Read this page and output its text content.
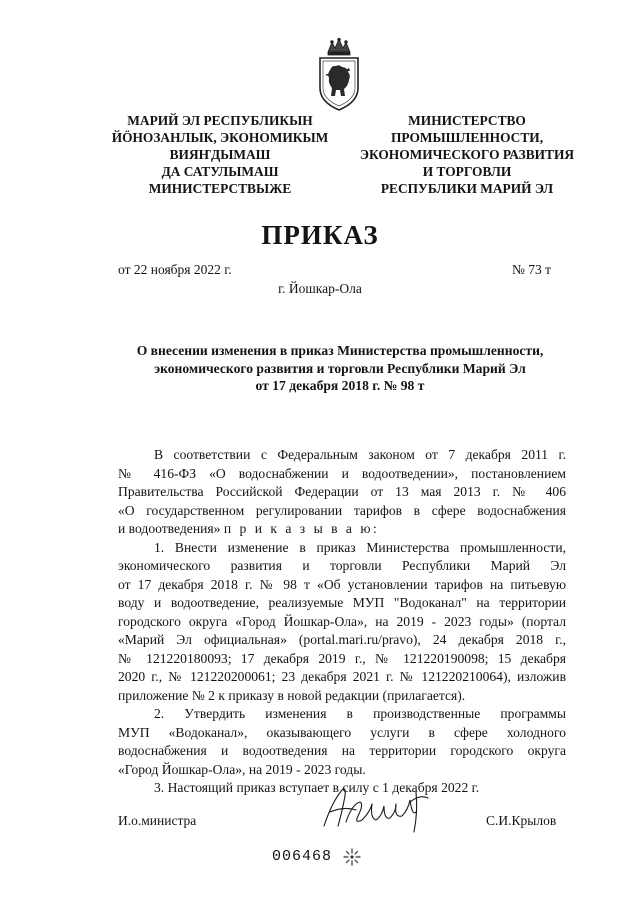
МАРИЙ ЭЛ РЕСПУБЛИКЫН
ЙӦНОЗАНЛЫК, ЭКОНОМИКЫМ
ВИЯҤДЫМАШ
ДА САТУЛЫМАШ
МИНИСТЕРСТВЫЖЕ
МИНИСТЕРСТВО
ПРОМЫШЛЕННОСТИ,
ЭКОНОМИЧЕСКОГО РАЗВИТИЯ
И ТОРГОВЛИ
РЕСПУБЛИКИ МАРИЙ ЭЛ
ПРИКАЗ
от 22 ноября 2022 г.	№ 73 т
г. Йошкар-Ола
О внесении изменения в приказ Министерства промышленности,
экономического развития и торговли Республики Марий Эл
от 17 декабря 2018 г. № 98 т
В соответствии с Федеральным законом от 7 декабря 2011 г.
№ 416-ФЗ «О водоснабжении и водоотведении», постановлением
Правительства Российской Федерации от 13 мая 2013 г. № 406
«О государственном регулировании тарифов в сфере водоснабжения
и водоотведения» п р и к а з ы в а ю:
1. Внести изменение в приказ Министерства промышленности,
экономического развития и торговли Республики Марий Эл
от 17 декабря 2018 г. № 98 т «Об установлении тарифов на питьевую
воду и водоотведение, реализуемые МУП "Водоканал" на территории
городского округа «Город Йошкар-Ола», на 2019 - 2023 годы» (портал
«Марий Эл официальная» (portal.mari.ru/pravo), 24 декабря 2018 г.,
№ 121220180093; 17 декабря 2019 г., № 121220190098; 15 декабря
2020 г., № 121220200061; 23 декабря 2021 г. № 121220210064), изложив
приложение № 2 к приказу в новой редакции (прилагается).
2. Утвердить изменения в производственные программы
МУП «Водоканал», оказывающего услуги в сфере холодного
водоснабжения и водоотведения на территории городского округа
«Город Йошкар-Ола», на 2019 - 2023 годы.
3. Настоящий приказ вступает в силу с 1 декабря 2022 г.
И.о.министра	С.И.Крылов
006468
